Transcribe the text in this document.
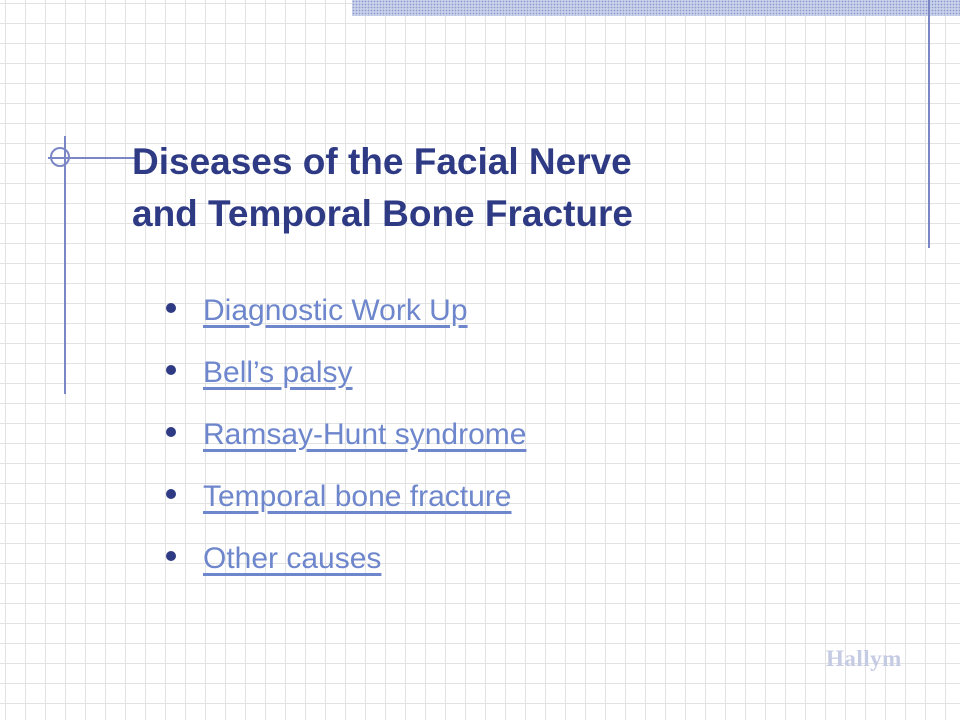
Diseases of the Facial Nerve
and Temporal Bone Fracture
Diagnostic Work Up
Bell’s palsy
Ramsay-Hunt syndrome
Temporal bone fracture
Other causes
Hallym
